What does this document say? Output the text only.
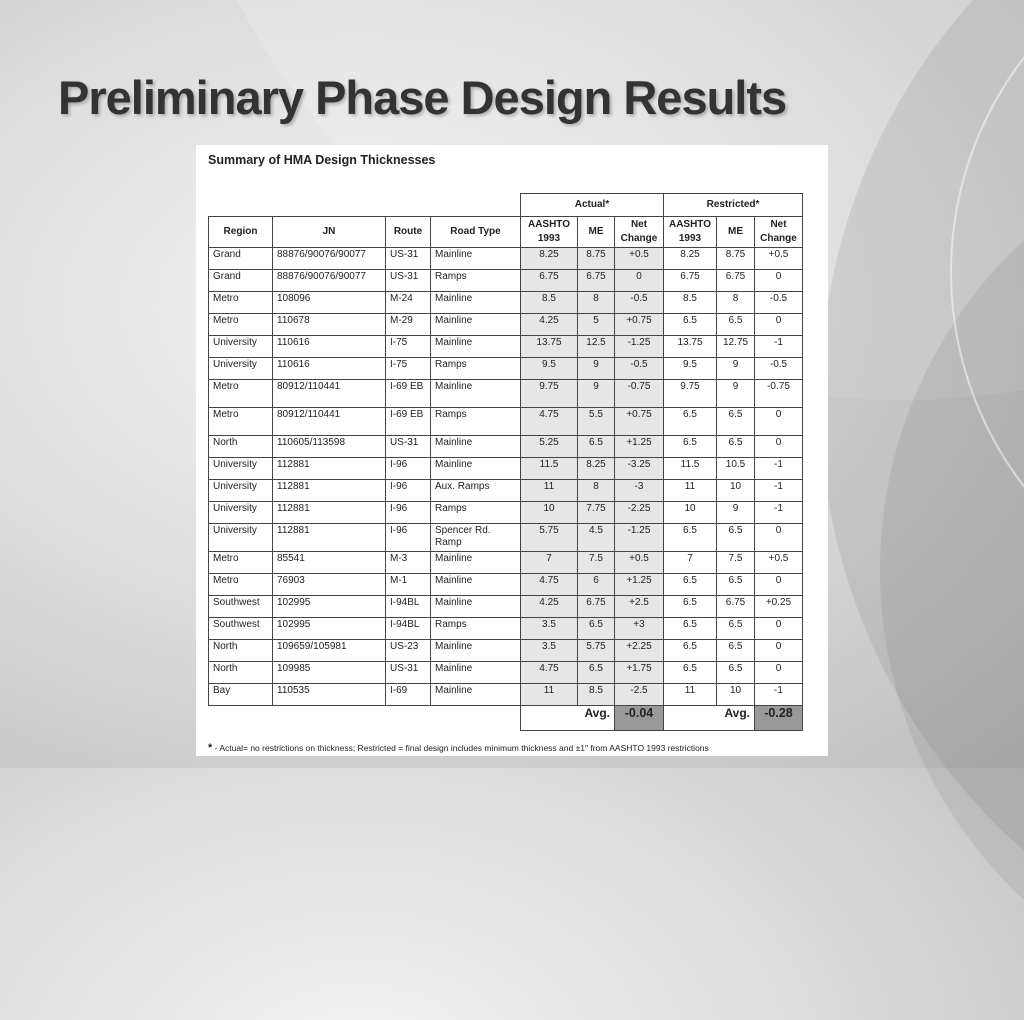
Preliminary Phase Design Results
Summary of HMA Design Thicknesses
				Actual*			Restricted*		
Region	JN	Route	Road Type	AASHTO 1993	ME	Net Change	AASHTO 1993	ME	Net Change
Grand	88876/90076/90077	US-31	Mainline	8.25	8.75	+0.5	8.25	8.75	+0.5
Grand	88876/90076/90077	US-31	Ramps	6.75	6.75	0	6.75	6.75	0
Metro	108096	M-24	Mainline	8.5	8	-0.5	8.5	8	-0.5
Metro	110678	M-29	Mainline	4.25	5	+0.75	6.5	6.5	0
University	110616	I-75	Mainline	13.75	12.5	-1.25	13.75	12.75	-1
University	110616	I-75	Ramps	9.5	9	-0.5	9.5	9	-0.5
Metro	80912/110441	I-69 EB	Mainline	9.75	9	-0.75	9.75	9	-0.75
Metro	80912/110441	I-69 EB	Ramps	4.75	5.5	+0.75	6.5	6.5	0
North	110605/113598	US-31	Mainline	5.25	6.5	+1.25	6.5	6.5	0
University	112881	I-96	Mainline	11.5	8.25	-3.25	11.5	10.5	-1
University	112881	I-96	Aux. Ramps	11	8	-3	11	10	-1
University	112881	I-96	Ramps	10	7.75	-2.25	10	9	-1
University	112881	I-96	Spencer Rd. Ramp	5.75	4.5	-1.25	6.5	6.5	0
Metro	85541	M-3	Mainline	7	7.5	+0.5	7	7.5	+0.5
Metro	76903	M-1	Mainline	4.75	6	+1.25	6.5	6.5	0
Southwest	102995	I-94BL	Mainline	4.25	6.75	+2.5	6.5	6.75	+0.25
Southwest	102995	I-94BL	Ramps	3.5	6.5	+3	6.5	6.5	0
North	109659/105981	US-23	Mainline	3.5	5.75	+2.25	6.5	6.5	0
North	109985	US-31	Mainline	4.75	6.5	+1.75	6.5	6.5	0
Bay	110535	I-69	Mainline	11	8.5	-2.5	11	10	-1
				Avg.		-0.04	Avg.		-0.28
* - Actual= no restrictions on thickness; Restricted = final design includes minimum thickness and ±1" from AASHTO 1993 restrictions
